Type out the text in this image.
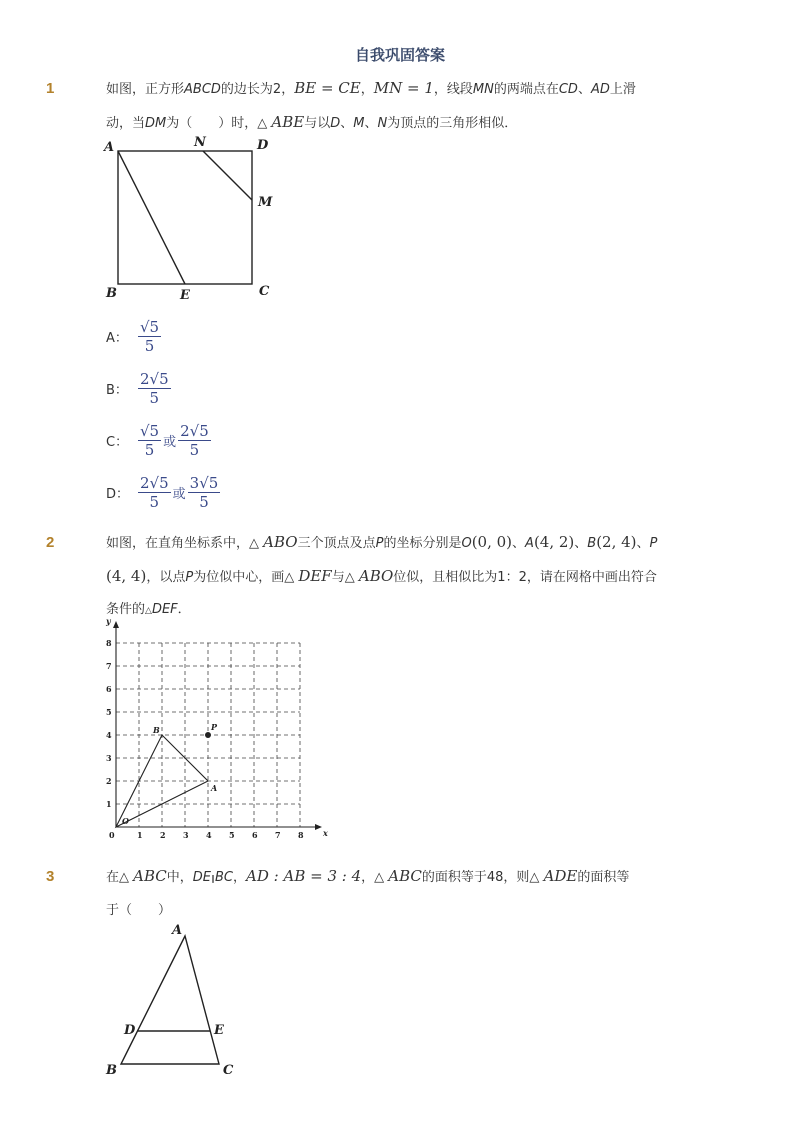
自我巩固答案
1	如图，正方形ABCD的边长为2，BE = CE，MN = 1，线段MN的两端点在CD、AD上滑
动，当DM为（　　）时，△ ABE与以D、M、N为顶点的三角形相似．
A	N	D
M
B	E	C
A： $\frac{√5}{5}$
B： $\frac{2√5}{5}$
C： $\frac{√5}{5}$ 或 $\frac{2√5}{5}$
D： $\frac{2√5}{5}$ 或 $\frac{3√5}{5}$
2	如图，在直角坐标系中，△ ABO三个顶点及点P的坐标分别是O(0, 0)、A(4, 2)、B(2, 4)、P
(4, 4)，以点P为位似中心，画△ DEF与△ ABO位似，且相似比为1：2，请在网格中画出符合
条件的△DEF．
x
y
0	1 2 3 4 5 6 7 8
1
2
3
4
5
6
7
8
O
A
B	P
3	在△ ABC中，DE∥BC，AD : AB = 3 : 4，△ ABC的面积等于48，则△ ADE的面积等
于（　　）
A
D	E
B	C
